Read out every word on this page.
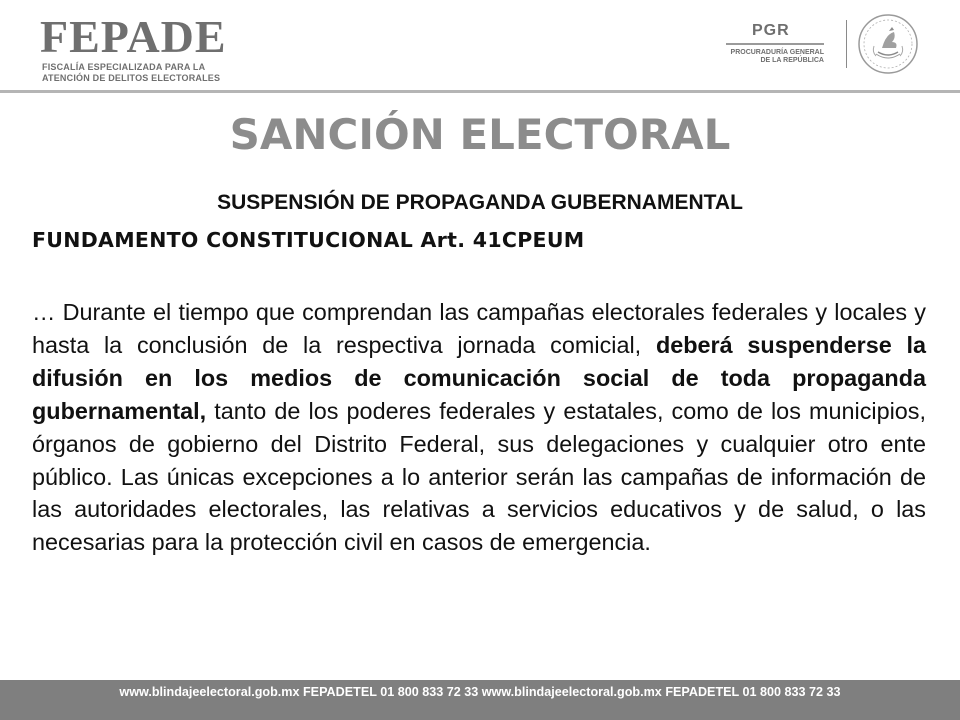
FEPADE
FISCALÍA ESPECIALIZADA PARA LA
ATENCIÓN DE DELITOS ELECTORALES
PGR
PROCURADURÍA GENERAL
DE LA REPÚBLICA
SANCIÓN ELECTORAL
SUSPENSIÓN DE PROPAGANDA GUBERNAMENTAL
FUNDAMENTO CONSTITUCIONAL Art. 41CPEUM
… Durante el tiempo que comprendan las campañas electorales federales y locales y hasta la conclusión de la respectiva jornada comicial, deberá suspenderse la difusión en los medios de comunicación social de toda propaganda gubernamental, tanto de los poderes federales y estatales, como de los municipios, órganos de gobierno del Distrito Federal, sus delegaciones y cualquier otro ente público. Las únicas excepciones a lo anterior serán las campañas de información de las autoridades electorales, las relativas a servicios educativos y de salud, o las necesarias para la protección civil en casos de emergencia.
www.blindajeelectoral.gob.mx FEPADETEL 01 800 833 72 33 www.blindajeelectoral.gob.mx FEPADETEL 01 800 833 72 33
